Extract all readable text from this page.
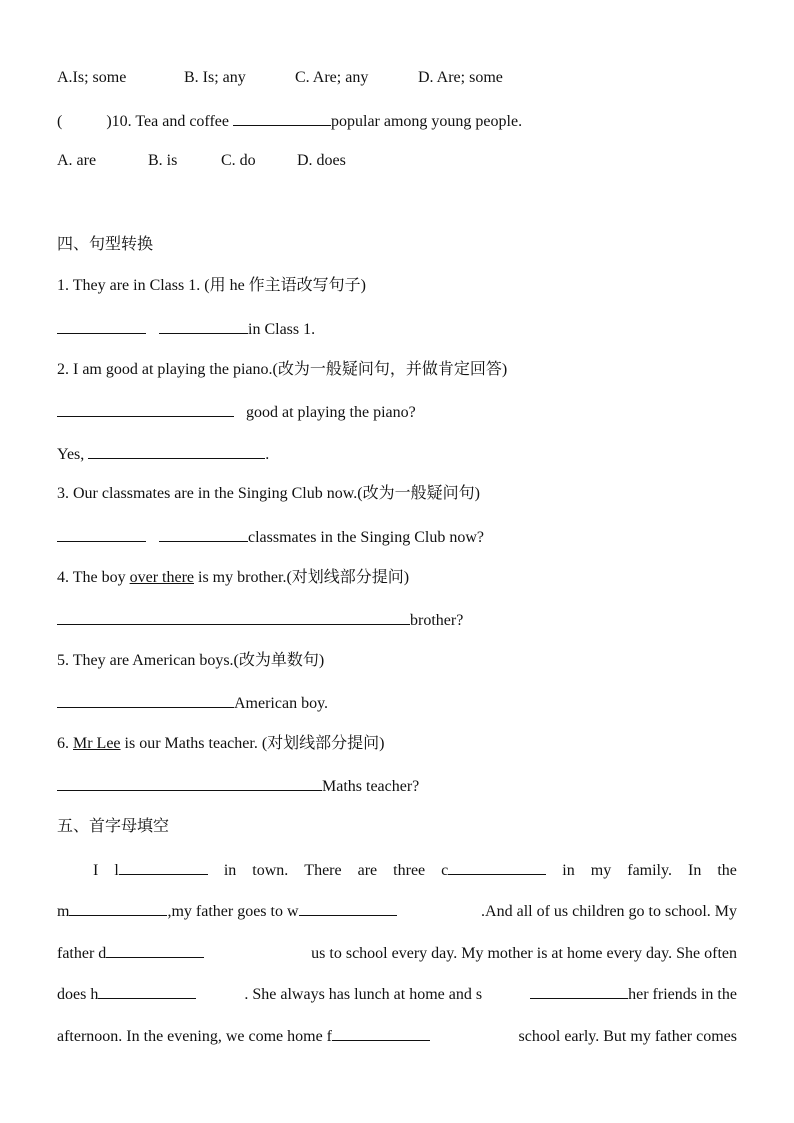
A.Is; some	B. Is; any	C. Are; any	D. Are; some
(	)10. Tea and coffee	popular among young people.
A. are	B. is	C. do	D. does
四、句型转换
1. They are in Class 1. (用 he 作主语改写句子)
in Class 1.
2. I am good at playing the piano.(改为一般疑问句，并做肯定回答)
good at playing the piano?
Yes,	.
3. Our classmates are in the Singing Club now.(改为一般疑问句)
classmates in the Singing Club now?
4. The boy over there is my brother.(对划线部分提问)
brother?
5. They are American boys.(改为单数句)
American boy.
6. Mr Lee is our Maths teacher. (对划线部分提问)
Maths teacher?
五、首字母填空
I l	in town. There are three c	in my family. In the
m	,my father goes to w	.And all of us children go to school. My
father d	us to school every day. My mother is at home every day. She often
does h	. She always has lunch at home and s	her friends in the
afternoon. In the evening, we come home f	school early. But my father comes
